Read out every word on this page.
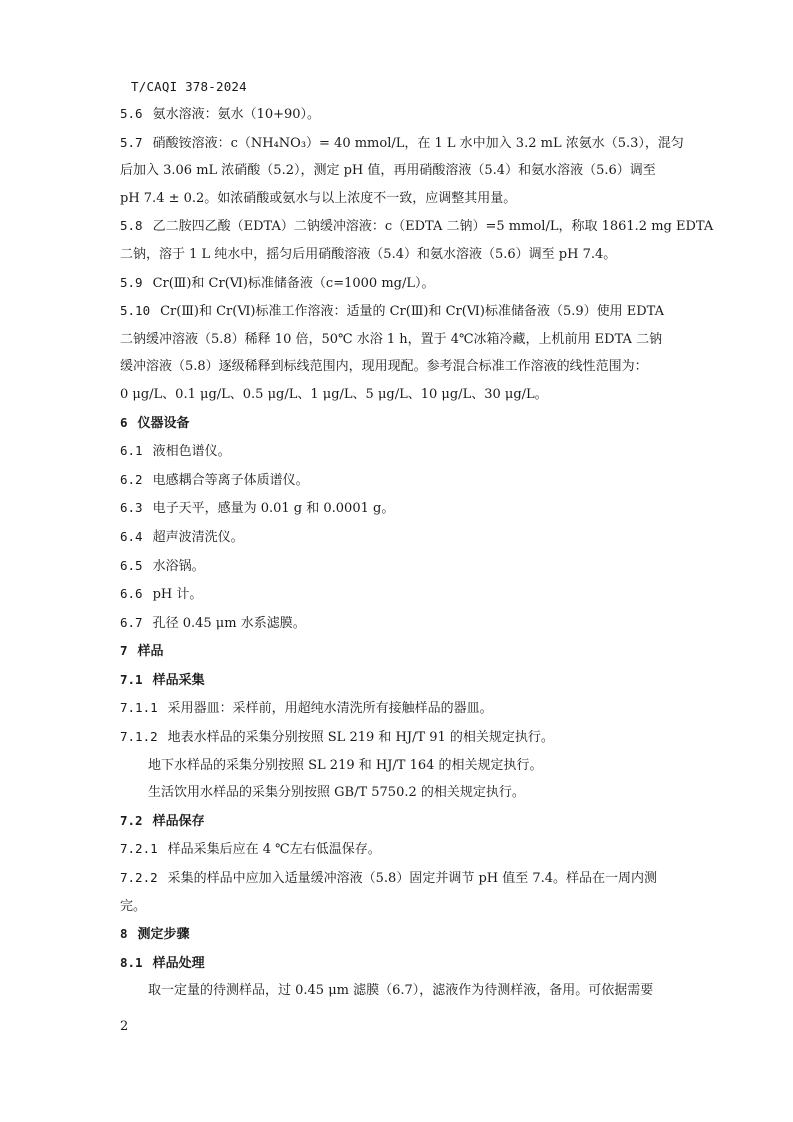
T/CAQI 378-2024
5.6 氨水溶液：氨水（10+90）。
5.7 硝酸铵溶液：c（NH₄NO₃）= 40 mmol/L，在 1 L 水中加入 3.2 mL 浓氨水（5.3），混匀
后加入 3.06 mL 浓硝酸（5.2），测定 pH 值，再用硝酸溶液（5.4）和氨水溶液（5.6）调至
pH 7.4 ± 0.2。如浓硝酸或氨水与以上浓度不一致，应调整其用量。
5.8 乙二胺四乙酸（EDTA）二钠缓冲溶液：c（EDTA 二钠）=5 mmol/L，称取 1861.2 mg EDTA
二钠，溶于 1 L 纯水中，摇匀后用硝酸溶液（5.4）和氨水溶液（5.6）调至 pH 7.4。
5.9 Cr(Ⅲ)和 Cr(Ⅵ)标准储备液（c=1000 mg/L）。
5.10 Cr(Ⅲ)和 Cr(Ⅵ)标准工作溶液：适量的 Cr(Ⅲ)和 Cr(Ⅵ)标准储备液（5.9）使用 EDTA
二钠缓冲溶液（5.8）稀释 10 倍，50℃ 水浴 1 h，置于 4℃冰箱冷藏，上机前用 EDTA 二钠
缓冲溶液（5.8）逐级稀释到标线范围内，现用现配。参考混合标准工作溶液的线性范围为：
0 μg/L、0.1 μg/L、0.5 μg/L、1 μg/L、5 μg/L、10 μg/L、30 μg/L。
6 仪器设备
6.1 液相色谱仪。
6.2 电感耦合等离子体质谱仪。
6.3 电子天平，感量为 0.01 g 和 0.0001 g。
6.4 超声波清洗仪。
6.5 水浴锅。
6.6 pH 计。
6.7 孔径 0.45 μm 水系滤膜。
7 样品
7.1 样品采集
7.1.1 采用器皿：采样前，用超纯水清洗所有接触样品的器皿。
7.1.2 地表水样品的采集分别按照 SL 219 和 HJ/T 91 的相关规定执行。
地下水样品的采集分别按照 SL 219 和 HJ/T 164 的相关规定执行。
生活饮用水样品的采集分别按照 GB/T 5750.2 的相关规定执行。
7.2 样品保存
7.2.1 样品采集后应在 4 ℃左右低温保存。
7.2.2 采集的样品中应加入适量缓冲溶液（5.8）固定并调节 pH 值至 7.4。样品在一周内测
完。
8 测定步骤
8.1 样品处理
取一定量的待测样品，过 0.45 μm 滤膜（6.7），滤液作为待测样液，备用。可依据需要
2
